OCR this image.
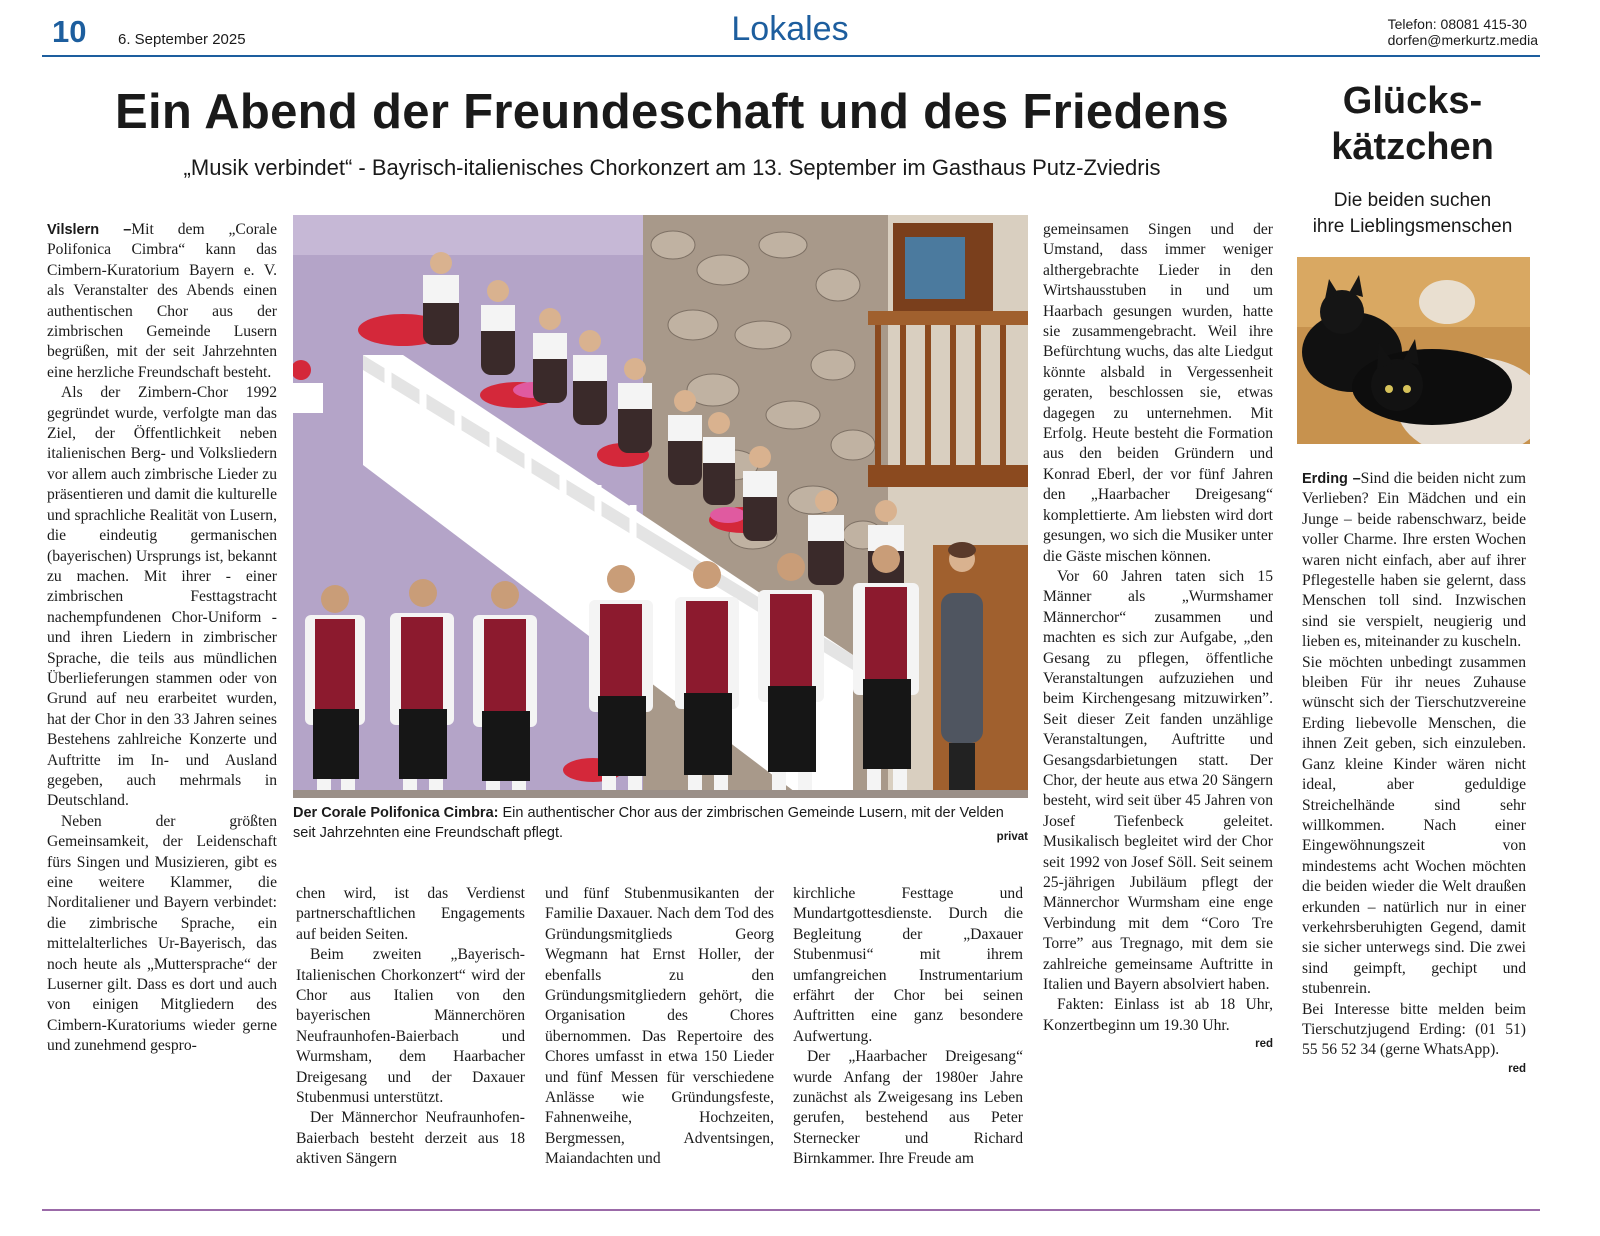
10 6. September 2025	Lokales	Telefon: 08081 415-30
dorfen@merkurtz.media
Ein Abend der Freundeschaft und des Friedens
„Musik verbindet“ - Bayrisch-italienisches Chorkonzert am 13. September im Gasthaus Putz-Zviedris

Vilslern –Mit dem „Corale Polifonica Cimbra“ kann das Cimbern-Kuratorium Bayern e. V. als Veranstalter des Abends einen authentischen Chor aus der zimbrischen Gemeinde Lusern begrüßen, mit der seit Jahrzehnten eine herzliche Freundschaft besteht.

Als der Zimbern-Chor 1992 gegründet wurde, verfolgte man das Ziel, der Öffentlichkeit neben italienischen Berg- und Volksliedern vor allem auch zimbrische Lieder zu präsentieren und damit die kulturelle und sprachliche Realität von Lusern, die eindeutig germanischen (bayerischen) Ursprungs ist, bekannt zu machen. Mit ihrer - einer zimbrischen Festtagstracht nachempfundenen Chor-Uniform - und ihren Liedern in zimbrischer Sprache, die teils aus mündlichen Überlieferungen stammen oder von Grund auf neu erarbeitet wurden, hat der Chor in den 33 Jahren seines Bestehens zahlreiche Konzerte und Auftritte im In- und Ausland gegeben, auch mehrmals in Deutschland.

Neben der größten Gemeinsamkeit, der Leidenschaft fürs Singen und Musizieren, gibt es eine weitere Klammer, die Norditaliener und Bayern verbindet: die zimbrische Sprache, ein mittelalterliches Ur-Bayerisch, das noch heute als „Muttersprache“ der Luserner gilt. Dass es dort und auch von einigen Mitgliedern des Cimbern-Kuratoriums wieder gerne und zunehmend gespro-

Der Corale Polifonica Cimbra: Ein authentischer Chor aus der zimbrischen Gemeinde Lusern, mit der Velden seit Jahrzehnten eine Freundschaft pflegt.	privat

chen wird, ist das Verdienst partnerschaftlichen Engagements auf beiden Seiten.

Beim zweiten „Bayerisch-Italienischen Chorkonzert“ wird der Chor aus Italien von den bayerischen Männerchören Neufraunhofen-Baierbach und Wurmsham, dem Haarbacher Dreigesang und der Daxauer Stubenmusi unterstützt.

Der Männerchor Neufraunhofen-Baierbach besteht derzeit aus 18 aktiven Sängern

und fünf Stubenmusikanten der Familie Daxauer. Nach dem Tod des Gründungsmitglieds Georg Wegmann hat Ernst Holler, der ebenfalls zu den Gründungsmitgliedern gehört, die Organisation des Chores übernommen. Das Repertoire des Chores umfasst in etwa 150 Lieder und fünf Messen für verschiedene Anlässe wie Gründungsfeste, Fahnenweihe, Hochzeiten, Bergmessen, Adventsingen, Maiandachten und

kirchliche Festtage und Mundartgottesdienste. Durch die Begleitung der „Daxauer Stubenmusi“ mit ihrem umfangreichen Instrumentarium erfährt der Chor bei seinen Auftritten eine ganz besondere Aufwertung.

Der „Haarbacher Dreigesang“ wurde Anfang der 1980er Jahre zunächst als Zweigesang ins Leben gerufen, bestehend aus Peter Sternecker und Richard Birnkammer. Ihre Freude am

gemeinsamen Singen und der Umstand, dass immer weniger althergebrachte Lieder in den Wirtshausstuben in und um Haarbach gesungen wurden, hatte sie zusammengebracht. Weil ihre Befürchtung wuchs, das alte Liedgut könnte alsbald in Vergessenheit geraten, beschlossen sie, etwas dagegen zu unternehmen. Mit Erfolg. Heute besteht die Formation aus den beiden Gründern und Konrad Eberl, der vor fünf Jahren den „Haarbacher Dreigesang“ komplettierte. Am liebsten wird dort gesungen, wo sich die Musiker unter die Gäste mischen können.

Vor 60 Jahren taten sich 15 Männer als „Wurmshamer Männerchor“ zusammen und machten es sich zur Aufgabe, „den Gesang zu pflegen, öffentliche Veranstaltungen aufzuziehen und beim Kirchengesang mitzuwirken”. Seit dieser Zeit fanden unzählige Veranstaltungen, Auftritte und Gesangsdarbietungen statt. Der Chor, der heute aus etwa 20 Sängern besteht, wird seit über 45 Jahren von Josef Tiefenbeck geleitet. Musikalisch begleitet wird der Chor seit 1992 von Josef Söll. Seit seinem 25-jährigen Jubiläum pflegt der Männerchor Wurmsham eine enge Verbindung mit dem “Coro Tre Torre” aus Tregnago, mit dem sie zahlreiche gemeinsame Auftritte in Italien und Bayern absolviert haben.

Fakten: Einlass ist ab 18 Uhr, Konzertbeginn um 19.30 Uhr.

red
Glücks-
kätzchen
Die beiden suchen
ihre Lieblingsmenschen

Erding –Sind die beiden nicht zum Verlieben? Ein Mädchen und ein Junge – beide rabenschwarz, beide voller Charme. Ihre ersten Wochen waren nicht einfach, aber auf ihrer Pflegestelle haben sie gelernt, dass Menschen toll sind. Inzwischen sind sie verspielt, neugierig und lieben es, miteinander zu kuscheln.

Sie möchten unbedingt zusammen bleiben Für ihr neues Zuhause wünscht sich der Tierschutzvereine Erding liebevolle Menschen, die ihnen Zeit geben, sich einzuleben. Ganz kleine Kinder wären nicht ideal, aber geduldige Streichelhände sind sehr willkommen. Nach einer Eingewöhnungszeit von mindestems acht Wochen möchten die beiden wieder die Welt draußen erkunden – natürlich nur in einer verkehrsberuhigten Gegend, damit sie sicher unterwegs sind. Die zwei sind geimpft, gechipt und stubenrein.

Bei Interesse bitte melden beim Tierschutzjugend Erding: (01 51) 55 56 52 34 (gerne WhatsApp).

red
